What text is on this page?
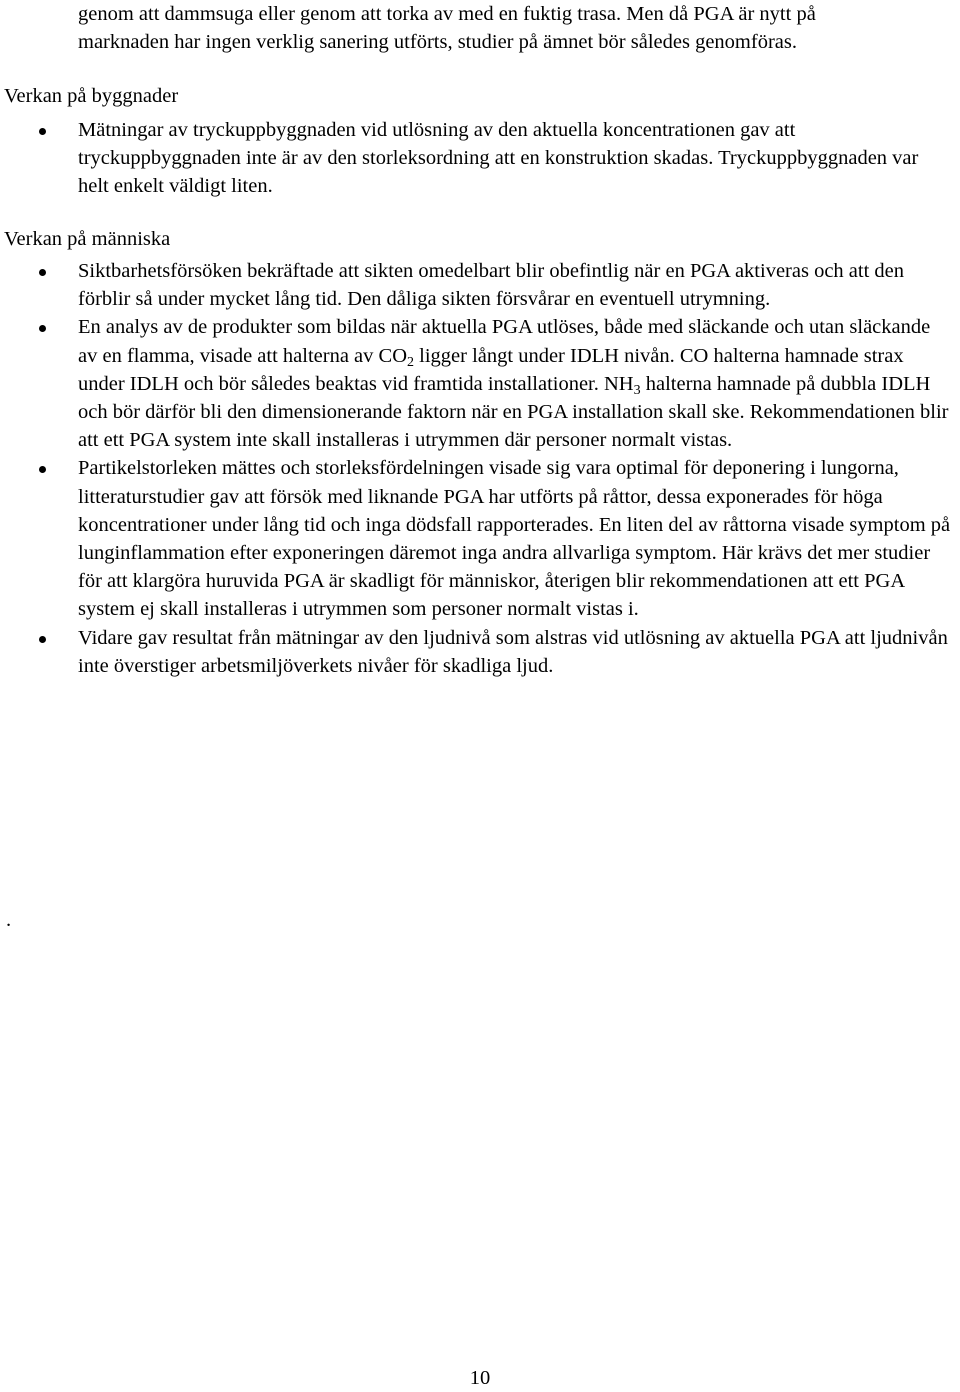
genom att dammsuga eller genom att torka av med en fuktig trasa. Men då PGA är nytt på
marknaden har ingen verklig sanering utförts, studier på ämnet bör således genomföras.
Verkan på byggnader
Mätningar av tryckuppbyggnaden vid utlösning av den aktuella koncentrationen gav att tryckuppbyggnaden inte är av den storleksordning att en konstruktion skadas. Tryckuppbyggnaden var helt enkelt väldigt liten.
Verkan på människa
Siktbarhetsförsöken bekräftade att sikten omedelbart blir obefintlig när en PGA aktiveras och att den förblir så under mycket lång tid. Den dåliga sikten försvårar en eventuell utrymning.
En analys av de produkter som bildas när aktuella PGA utlöses, både med släckande och utan släckande av en flamma, visade att halterna av $CO_2$ ligger långt under IDLH nivån. CO halterna hamnade strax under IDLH och bör således beaktas vid framtida installationer. $NH_3$ halterna hamnade på dubbla IDLH och bör därför bli den dimensionerande faktorn när en PGA installation skall ske. Rekommendationen blir att ett PGA system inte skall installeras i utrymmen där personer normalt vistas.
Partikelstorleken mättes och storleksfördelningen visade sig vara optimal för deponering i lungorna, litteraturstudier gav att försök med liknande PGA har utförts på råttor, dessa exponerades för höga koncentrationer under lång tid och inga dödsfall rapporterades. En liten del av råttorna visade symptom på lunginflammation efter exponeringen däremot inga andra allvarliga symptom. Här krävs det mer studier för att klargöra huruvida PGA är skadligt för människor, återigen blir rekommendationen att ett PGA system ej skall installeras i utrymmen som personer normalt vistas i.
Vidare gav resultat från mätningar av den ljudnivå som alstras vid utlösning av aktuella PGA att ljudnivån inte överstiger arbetsmiljöverkets nivåer för skadliga ljud.
.
10
